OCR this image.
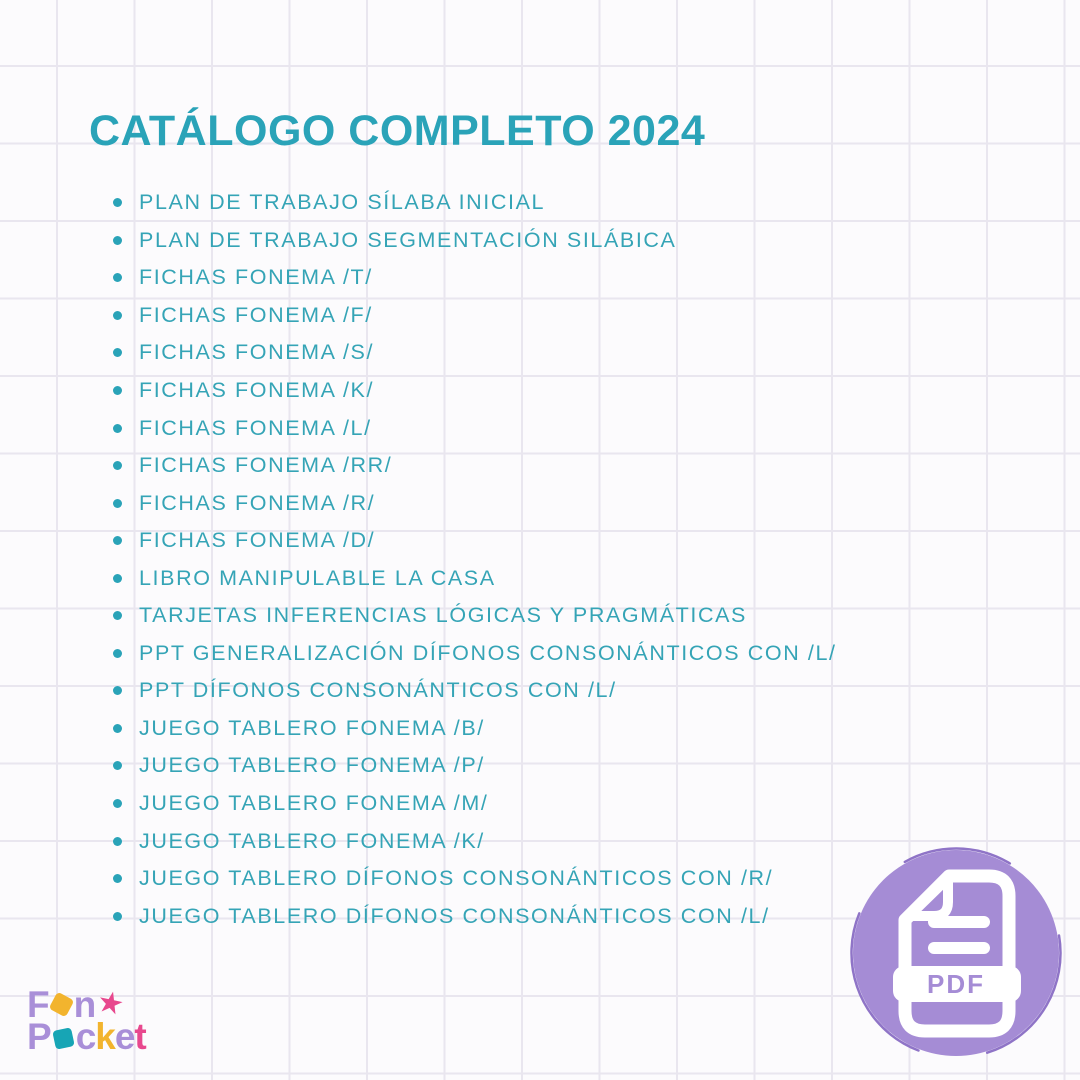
CATÁLOGO COMPLETO 2024
PLAN DE TRABAJO SÍLABA INICIAL
PLAN DE TRABAJO SEGMENTACIÓN SILÁBICA
FICHAS FONEMA /T/
FICHAS FONEMA /F/
FICHAS FONEMA /S/
FICHAS FONEMA /K/
FICHAS FONEMA /L/
FICHAS FONEMA /RR/
FICHAS FONEMA /R/
FICHAS FONEMA /D/
LIBRO MANIPULABLE LA CASA
TARJETAS INFERENCIAS LÓGICAS Y PRAGMÁTICAS
PPT GENERALIZACIÓN DÍFONOS CONSONÁNTICOS CON /L/
PPT DÍFONOS CONSONÁNTICOS CON /L/
JUEGO TABLERO FONEMA /B/
JUEGO TABLERO FONEMA /P/
JUEGO TABLERO FONEMA /M/
JUEGO TABLERO FONEMA /K/
JUEGO TABLERO DÍFONOS CONSONÁNTICOS CON /R/
JUEGO TABLERO DÍFONOS CONSONÁNTICOS CON /L/
PDF
F n
★
P c k e t
